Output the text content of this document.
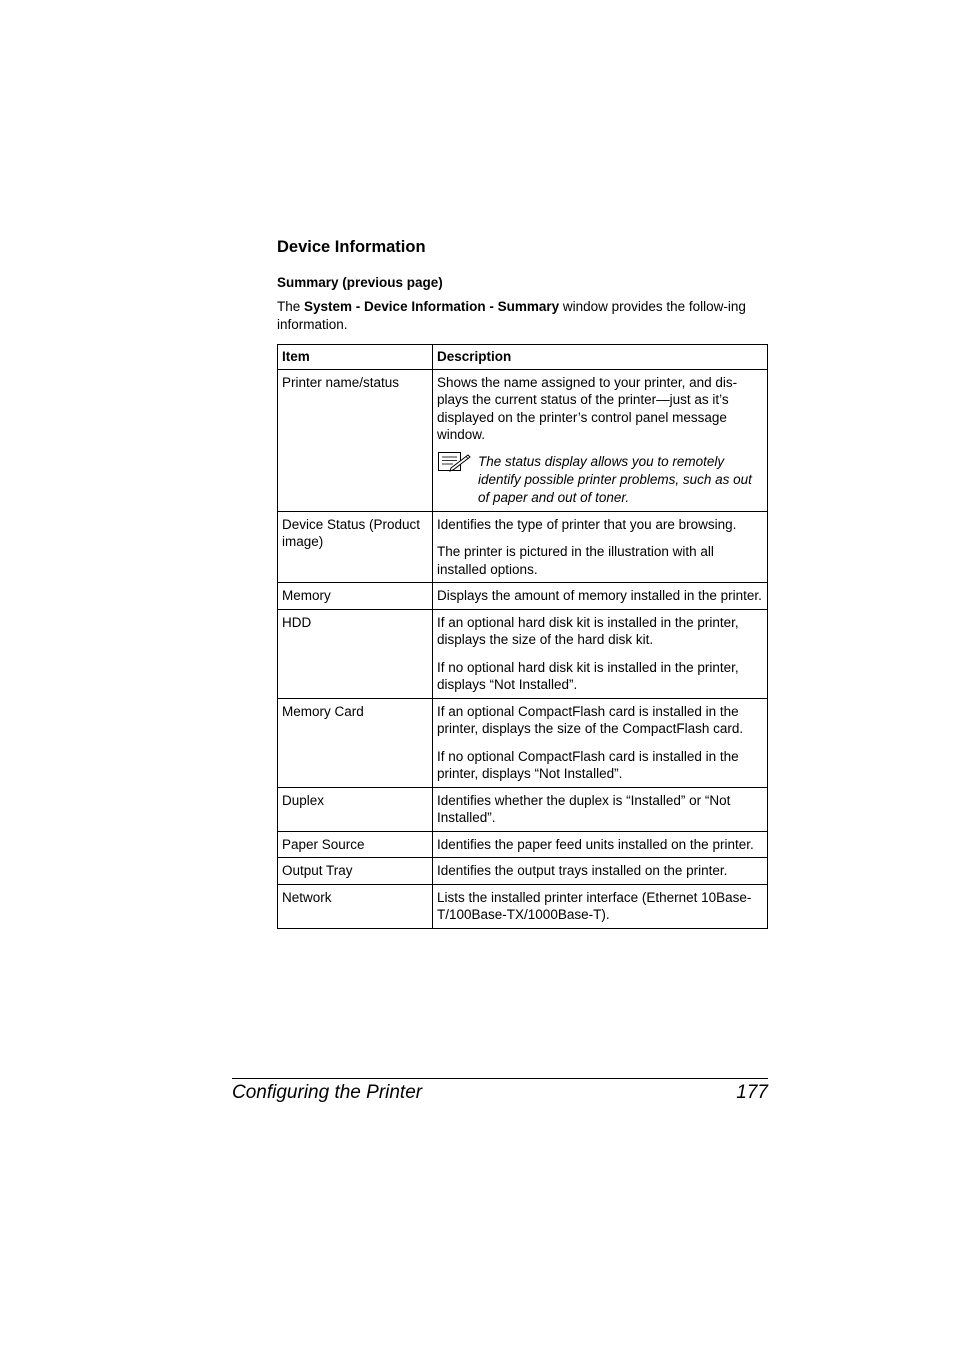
Device Information
Summary (previous page)

The System - Device Information - Summary window provides the follow-ing information.

Item	Description
Printer name/status	Shows the name assigned to your printer, and dis-plays the current status of the printer—just as it’s displayed on the printer’s control panel message window.

The status display allows you to remotely identify possible printer problems, such as out of paper and out of toner.

Device Status (Product image)	Identifies the type of printer that you are browsing.

The printer is pictured in the illustration with all installed options.

Memory	Displays the amount of memory installed in the printer.

HDD	If an optional hard disk kit is installed in the printer, displays the size of the hard disk kit.

If no optional hard disk kit is installed in the printer, displays “Not Installed”.

Memory Card	If an optional CompactFlash card is installed in the printer, displays the size of the CompactFlash card.

If no optional CompactFlash card is installed in the printer, displays “Not Installed”.

Duplex	Identifies whether the duplex is “Installed” or “Not Installed”.

Paper Source	Identifies the paper feed units installed on the printer.

Output Tray	Identifies the output trays installed on the printer.

Network	Lists the installed printer interface (Ethernet 10Base-T/100Base-TX/1000Base-T).

Configuring the Printer	177
